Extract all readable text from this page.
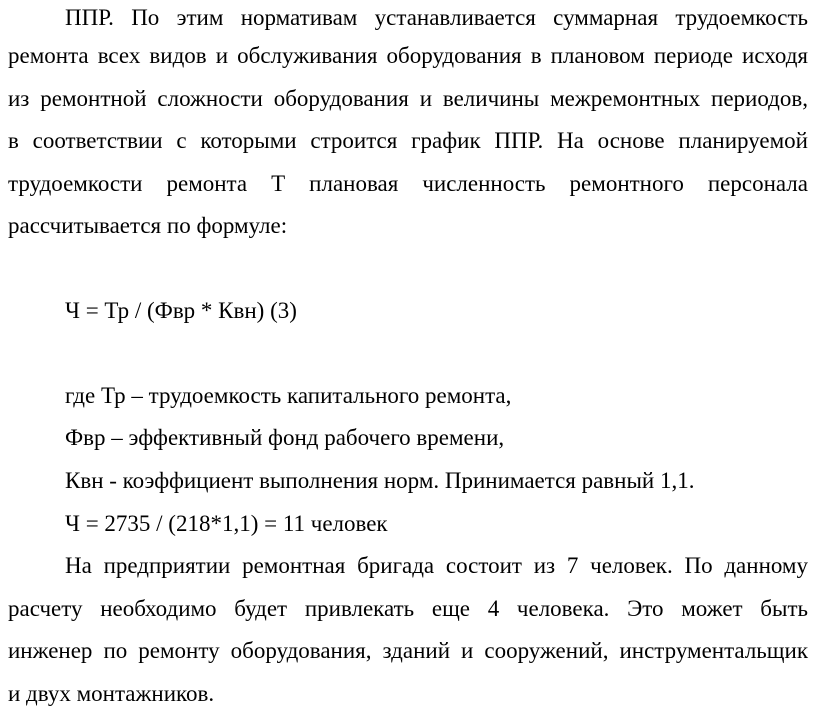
ППР. По этим нормативам устанавливается суммарная трудоемкость
ремонта всех видов и обслуживания оборудования в плановом периоде исходя
из ремонтной сложности оборудования и величины межремонтных периодов,
в соответствии с которыми строится график ППР. На основе планируемой
трудоемкости ремонта Т плановая численность ремонтного персонала
рассчитывается по формуле:
Ч = Тр / (Фвр * Квн) (3)
где Тр – трудоемкость капитального ремонта,
Фвр – эффективный фонд рабочего времени,
Квн - коэффициент выполнения норм. Принимается равный 1,1.
Ч = 2735 / (218*1,1) = 11 человек
На предприятии ремонтная бригада состоит из 7 человек. По данному
расчету необходимо будет привлекать еще 4 человека. Это может быть
инженер по ремонту оборудования, зданий и сооружений, инструментальщик
и двух монтажников.
